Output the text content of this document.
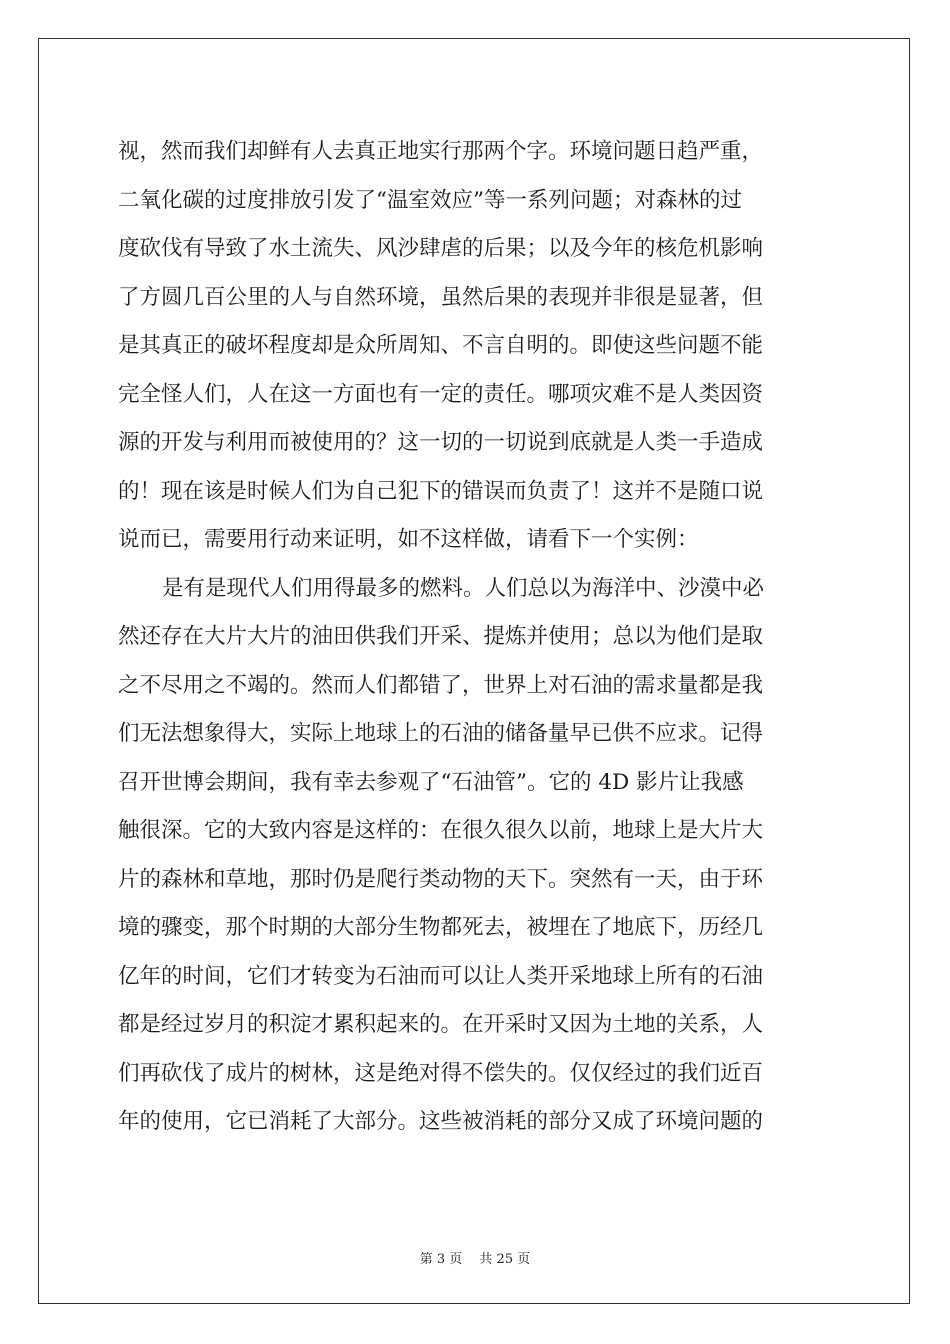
视，然而我们却鲜有人去真正地实行那两个字。环境问题日趋严重，
二氧化碳的过度排放引发了“温室效应”等一系列问题；对森林的过
度砍伐有导致了水土流失、风沙肆虐的后果；以及今年的核危机影响
了方圆几百公里的人与自然环境，虽然后果的表现并非很是显著，但
是其真正的破坏程度却是众所周知、不言自明的。即使这些问题不能
完全怪人们，人在这一方面也有一定的责任。哪项灾难不是人类因资
源的开发与利用而被使用的？这一切的一切说到底就是人类一手造成
的！现在该是时候人们为自己犯下的错误而负责了！这并不是随口说
说而已，需要用行动来证明，如不这样做，请看下一个实例：
是有是现代人们用得最多的燃料。人们总以为海洋中、沙漠中必
然还存在大片大片的油田供我们开采、提炼并使用；总以为他们是取
之不尽用之不竭的。然而人们都错了，世界上对石油的需求量都是我
们无法想象得大，实际上地球上的石油的储备量早已供不应求。记得
召开世博会期间，我有幸去参观了“石油管”。它的 4D 影片让我感
触很深。它的大致内容是这样的：在很久很久以前，地球上是大片大
片的森林和草地，那时仍是爬行类动物的天下。突然有一天，由于环
境的骤变，那个时期的大部分生物都死去，被埋在了地底下，历经几
亿年的时间，它们才转变为石油而可以让人类开采地球上所有的石油
都是经过岁月的积淀才累积起来的。在开采时又因为土地的关系，人
们再砍伐了成片的树林，这是绝对得不偿失的。仅仅经过的我们近百
年的使用，它已消耗了大部分。这些被消耗的部分又成了环境问题的
第 3 页　 共 25 页
